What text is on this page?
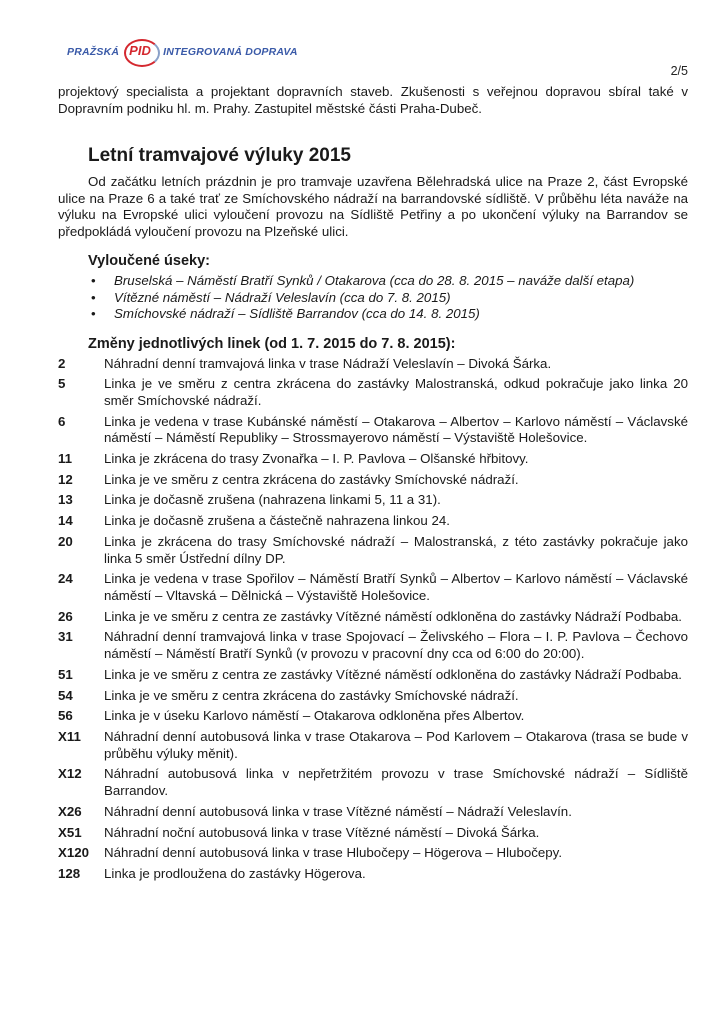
PRAŽSKÁ PID INTEGROVANÁ DOPRAVA
2/5

projektový specialista a projektant dopravních staveb. Zkušenosti s veřejnou dopravou sbíral také v Dopravním podniku hl. m. Prahy. Zastupitel městské části Praha-Dubeč.

Letní tramvajové výluky 2015

Od začátku letních prázdnin je pro tramvaje uzavřena Bělehradská ulice na Praze 2, část Evropské ulice na Praze 6 a také trať ze Smíchovského nádraží na barrandovské sídliště. V průběhu léta naváže na výluku na Evropské ulici vyloučení provozu na Sídliště Petřiny a po ukončení výluky na Barrandov se předpokládá vyloučení provozu na Plzeňské ulici.

Vyloučené úseky:
• Bruselská – Náměstí Bratří Synků / Otakarova (cca do 28. 8. 2015 – naváže další etapa)
• Vítězné náměstí – Nádraží Veleslavín (cca do 7. 8. 2015)
• Smíchovské nádraží – Sídliště Barrandov (cca do 14. 8. 2015)
Změny jednotlivých linek (od 1. 7. 2015 do 7. 8. 2015):
2	Náhradní denní tramvajová linka v trase Nádraží Veleslavín – Divoká Šárka.
5	Linka je ve směru z centra zkrácena do zastávky Malostranská, odkud pokračuje jako linka 20 směr Smíchovské nádraží.
6	Linka je vedena v trase Kubánské náměstí – Otakarova – Albertov – Karlovo náměstí – Václavské náměstí – Náměstí Republiky – Strossmayerovo náměstí – Výstaviště Holešovice.
11	Linka je zkrácena do trasy Zvonařka – I. P. Pavlova – Olšanské hřbitovy.
12	Linka je ve směru z centra zkrácena do zastávky Smíchovské nádraží.
13	Linka je dočasně zrušena (nahrazena linkami 5, 11 a 31).
14	Linka je dočasně zrušena a částečně nahrazena linkou 24.
20	Linka je zkrácena do trasy Smíchovské nádraží – Malostranská, z této zastávky pokračuje jako linka 5 směr Ústřední dílny DP.
24	Linka je vedena v trase Spořilov – Náměstí Bratří Synků – Albertov – Karlovo náměstí – Václavské náměstí – Vltavská – Dělnická – Výstaviště Holešovice.
26	Linka je ve směru z centra ze zastávky Vítězné náměstí odkloněna do zastávky Nádraží Podbaba.
31	Náhradní denní tramvajová linka v trase Spojovací – Želivského – Flora – I. P. Pavlova – Čechovo náměstí – Náměstí Bratří Synků (v provozu v pracovní dny cca od 6:00 do 20:00).
51	Linka je ve směru z centra ze zastávky Vítězné náměstí odkloněna do zastávky Nádraží Podbaba.
54	Linka je ve směru z centra zkrácena do zastávky Smíchovské nádraží.
56	Linka je v úseku Karlovo náměstí – Otakarova odkloněna přes Albertov.
X11	Náhradní denní autobusová linka v trase Otakarova – Pod Karlovem – Otakarova (trasa se bude v průběhu výluky měnit).
X12	Náhradní autobusová linka v nepřetržitém provozu v trase Smíchovské nádraží – Sídliště Barrandov.
X26	Náhradní denní autobusová linka v trase Vítězné náměstí – Nádraží Veleslavín.
X51	Náhradní noční autobusová linka v trase Vítězné náměstí – Divoká Šárka.
X120	Náhradní denní autobusová linka v trase Hlubočepy – Högerova – Hlubočepy.
128	Linka je prodloužena do zastávky Högerova.
